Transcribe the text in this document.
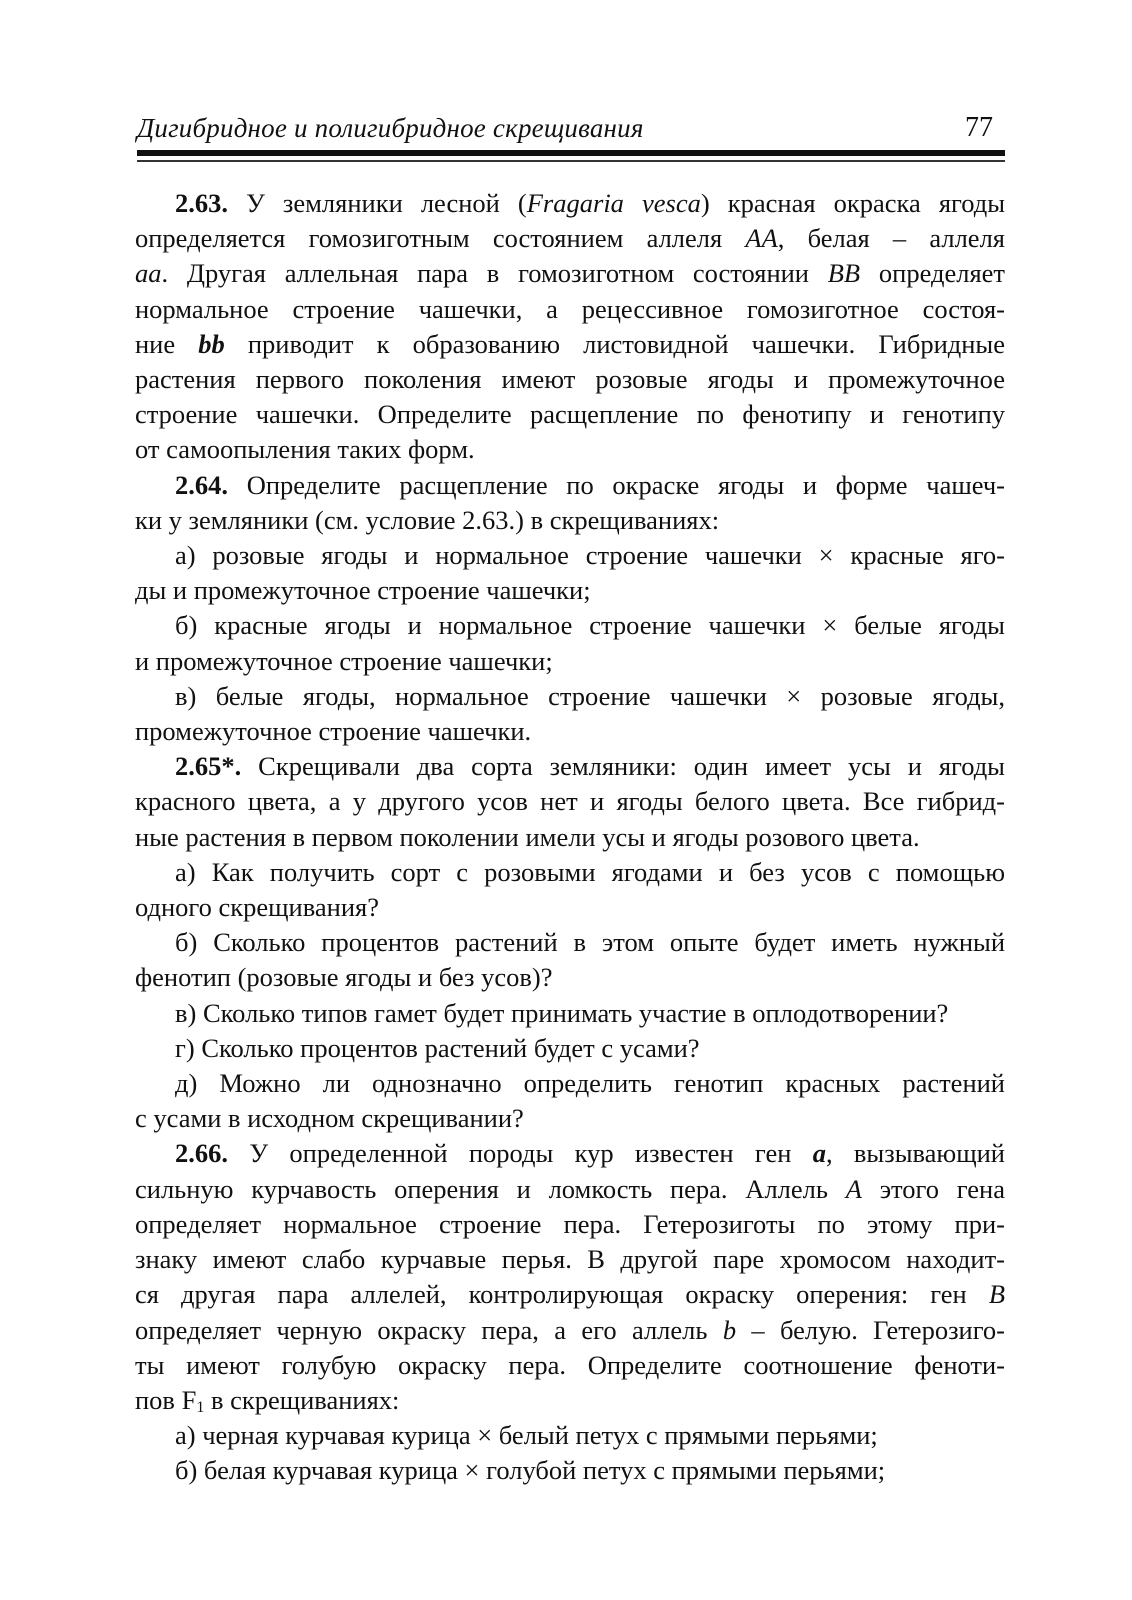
Дигибридное и полигибридное скрещивания	77
2.63. У земляники лесной (Fragaria vesca) красная окраска ягоды
определяется гомозиготным состоянием аллеля AA, белая – аллеля
aa. Другая аллельная пара в гомозиготном состоянии BB определяет
нормальное строение чашечки, а рецессивное гомозиготное состоя-
ние bb приводит к образованию листовидной чашечки. Гибридные
растения первого поколения имеют розовые ягоды и промежуточное
строение чашечки. Определите расщепление по фенотипу и генотипу
от самоопыления таких форм.
2.64. Определите расщепление по окраске ягоды и форме чашеч-
ки у земляники (см. условие 2.63.) в скрещиваниях:
а) розовые ягоды и нормальное строение чашечки × красные яго-
ды и промежуточное строение чашечки;
б) красные ягоды и нормальное строение чашечки × белые ягоды
и промежуточное строение чашечки;
в) белые ягоды, нормальное строение чашечки × розовые ягоды,
промежуточное строение чашечки.
2.65*. Скрещивали два сорта земляники: один имеет усы и ягоды
красного цвета, а у другого усов нет и ягоды белого цвета. Все гибрид-
ные растения в первом поколении имели усы и ягоды розового цвета.
а) Как получить сорт с розовыми ягодами и без усов с помощью
одного скрещивания?
б) Сколько процентов растений в этом опыте будет иметь нужный
фенотип (розовые ягоды и без усов)?
в) Сколько типов гамет будет принимать участие в оплодотворении?
г) Сколько процентов растений будет с усами?
д) Можно ли однозначно определить генотип красных растений
с усами в исходном скрещивании?
2.66. У определенной породы кур известен ген a, вызывающий
сильную курчавость оперения и ломкость пера. Аллель A этого гена
определяет нормальное строение пера. Гетерозиготы по этому при-
знаку имеют слабо курчавые перья. В другой паре хромосом находит-
ся другая пара аллелей, контролирующая окраску оперения: ген B
определяет черную окраску пера, а его аллель b – белую. Гетерозиго-
ты имеют голубую окраску пера. Определите соотношение феноти-
пов $F_1$ в скрещиваниях:
а) черная курчавая курица × белый петух с прямыми перьями;
б) белая курчавая курица × голубой петух с прямыми перьями;
